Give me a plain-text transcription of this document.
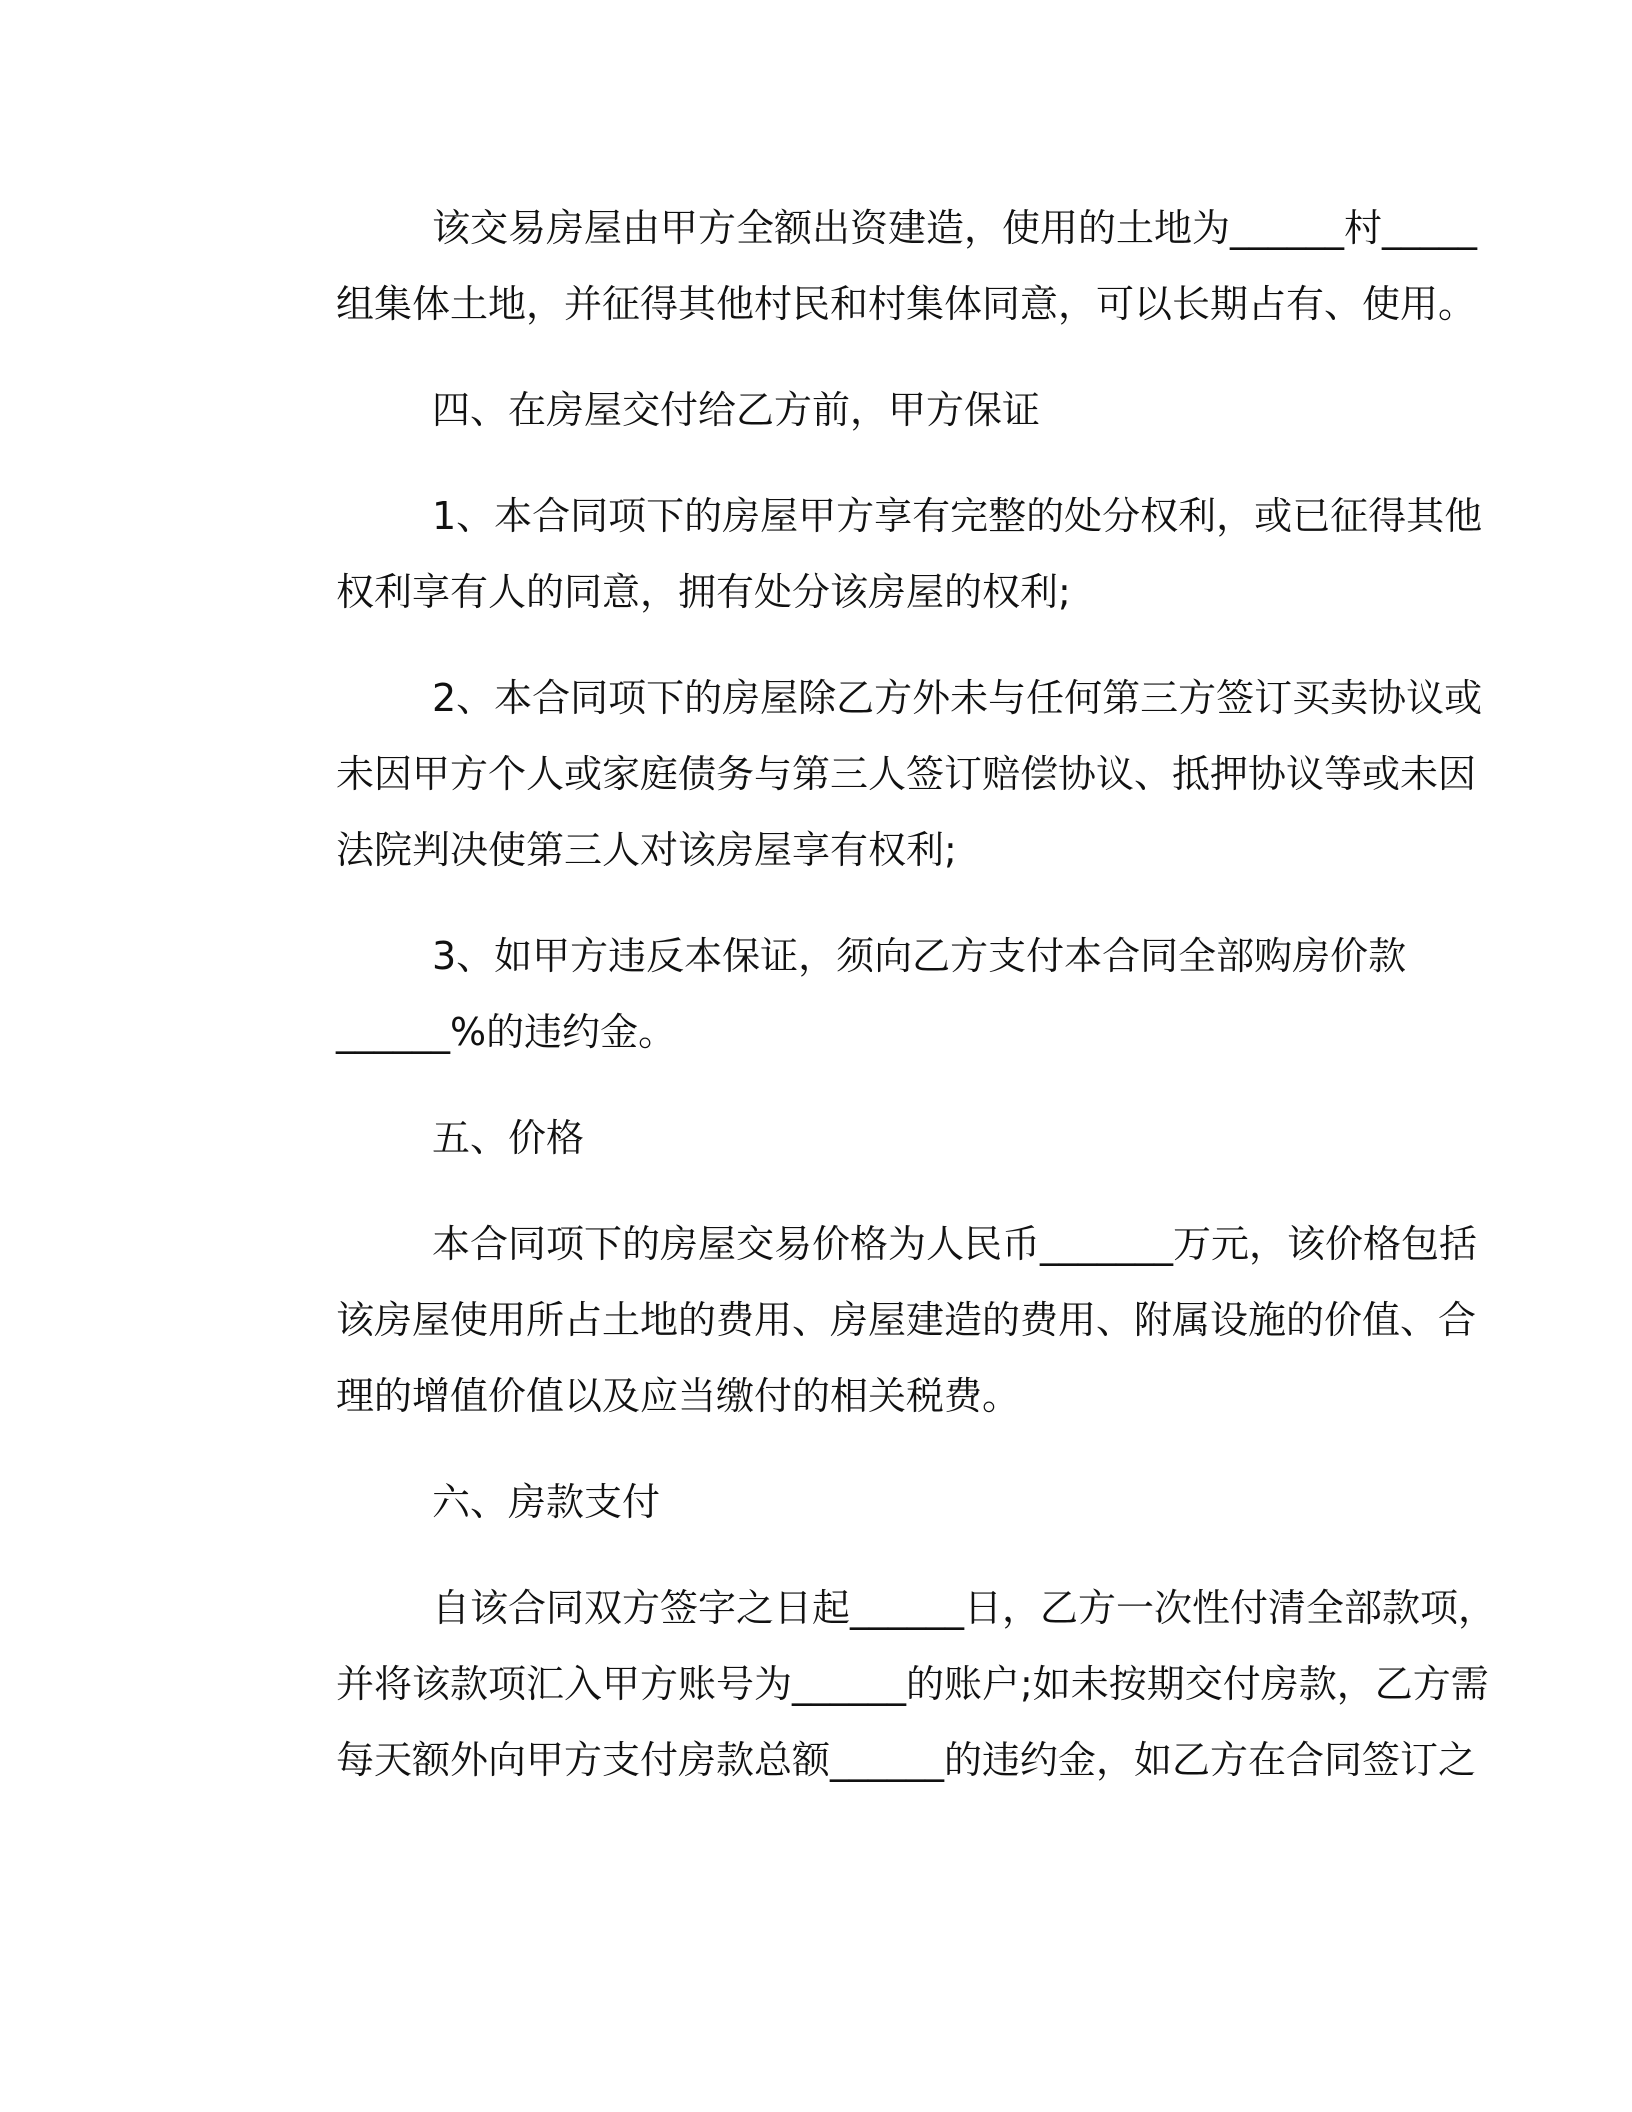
该交易房屋由甲方全额出资建造，使用的土地为______村_____
组集体土地，并征得其他村民和村集体同意，可以长期占有、使用。
四、在房屋交付给乙方前，甲方保证
1、本合同项下的房屋甲方享有完整的处分权利，或已征得其他
权利享有人的同意，拥有处分该房屋的权利;
2、本合同项下的房屋除乙方外未与任何第三方签订买卖协议或
未因甲方个人或家庭债务与第三人签订赔偿协议、抵押协议等或未因
法院判决使第三人对该房屋享有权利;
3、如甲方违反本保证，须向乙方支付本合同全部购房价款
______%的违约金。
五、价格
本合同项下的房屋交易价格为人民币_______万元，该价格包括
该房屋使用所占土地的费用、房屋建造的费用、附属设施的价值、合
理的增值价值以及应当缴付的相关税费。
六、房款支付
自该合同双方签字之日起______日，乙方一次性付清全部款项，
并将该款项汇入甲方账号为______的账户;如未按期交付房款，乙方需
每天额外向甲方支付房款总额______的违约金，如乙方在合同签订之
